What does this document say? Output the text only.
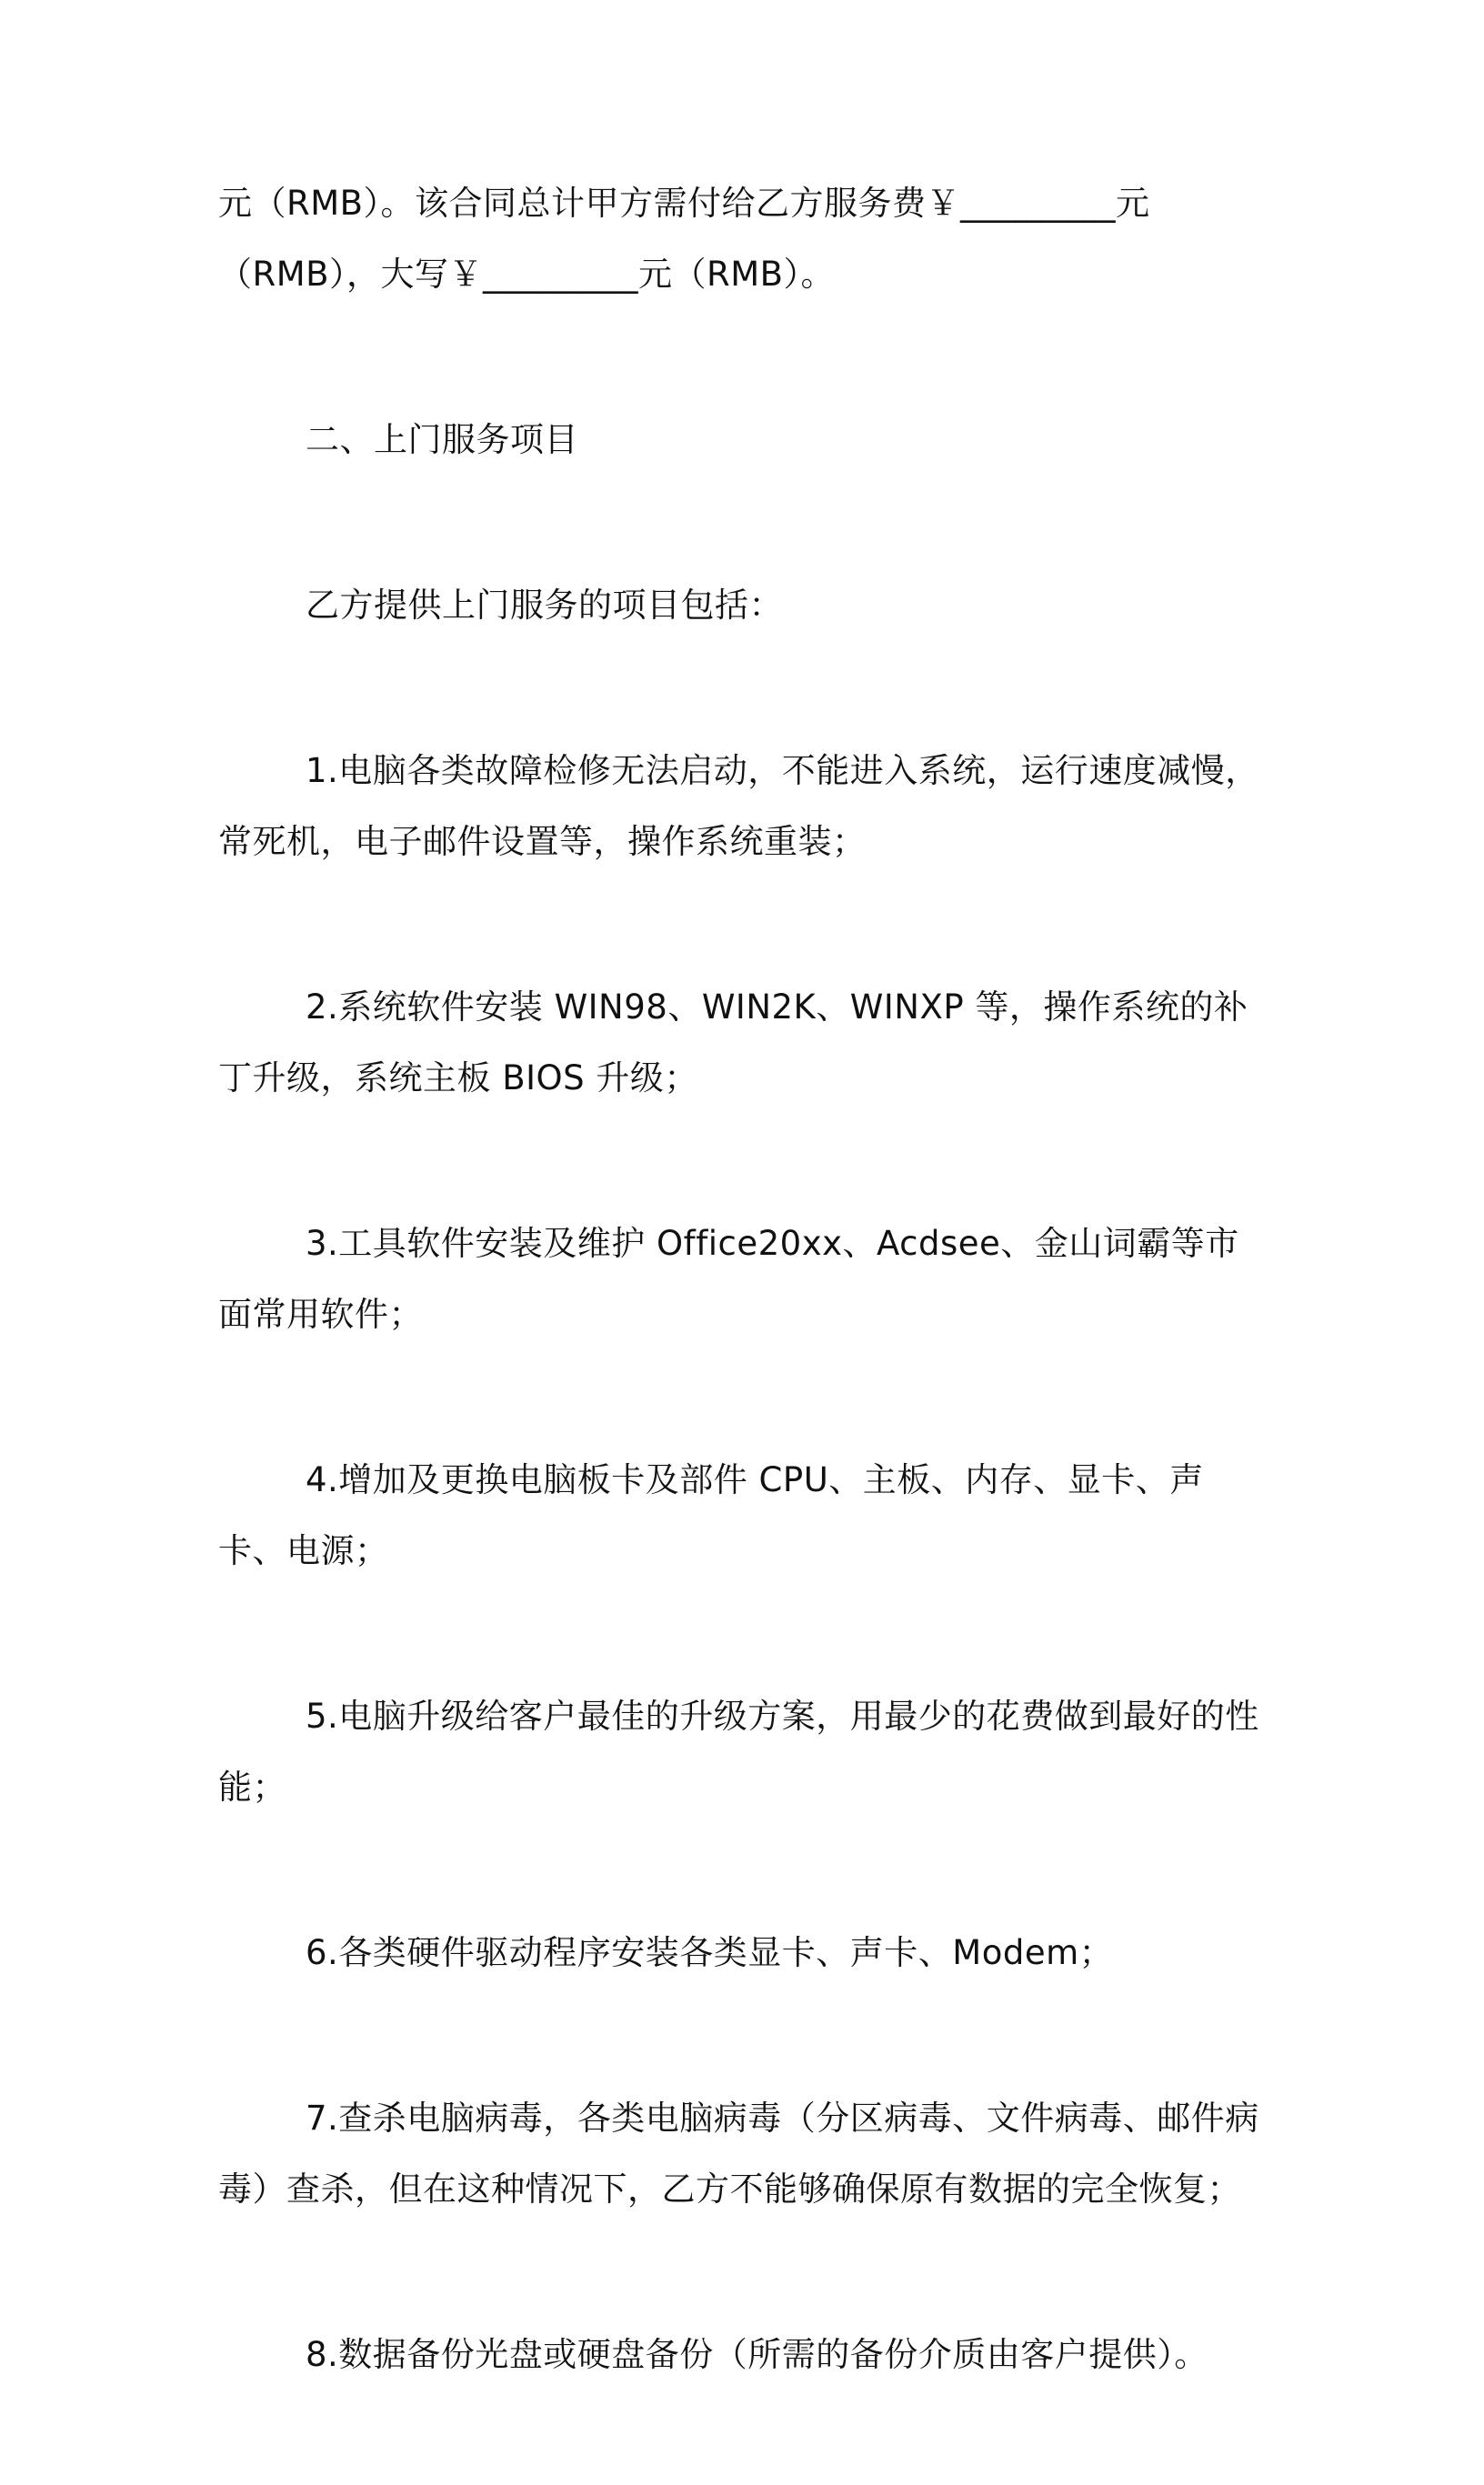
元（RMB）。该合同总计甲方需付给乙方服务费￥_________元（RMB），大写￥_________元（RMB）。

二、上门服务项目

乙方提供上门服务的项目包括：

1.电脑各类故障检修无法启动，不能进入系统，运行速度减慢，常死机，电子邮件设置等，操作系统重装；

2.系统软件安装 WIN98、WIN2K、WINXP 等，操作系统的补丁升级，系统主板 BIOS 升级；

3.工具软件安装及维护 Office20xx、Acdsee、金山词霸等市面常用软件；

4.增加及更换电脑板卡及部件 CPU、主板、内存、显卡、声卡、电源；

5.电脑升级给客户最佳的升级方案，用最少的花费做到最好的性能；

6.各类硬件驱动程序安装各类显卡、声卡、Modem；

7.查杀电脑病毒，各类电脑病毒（分区病毒、文件病毒、邮件病毒）查杀，但在这种情况下，乙方不能够确保原有数据的完全恢复；

8.数据备份光盘或硬盘备份（所需的备份介质由客户提供）。
